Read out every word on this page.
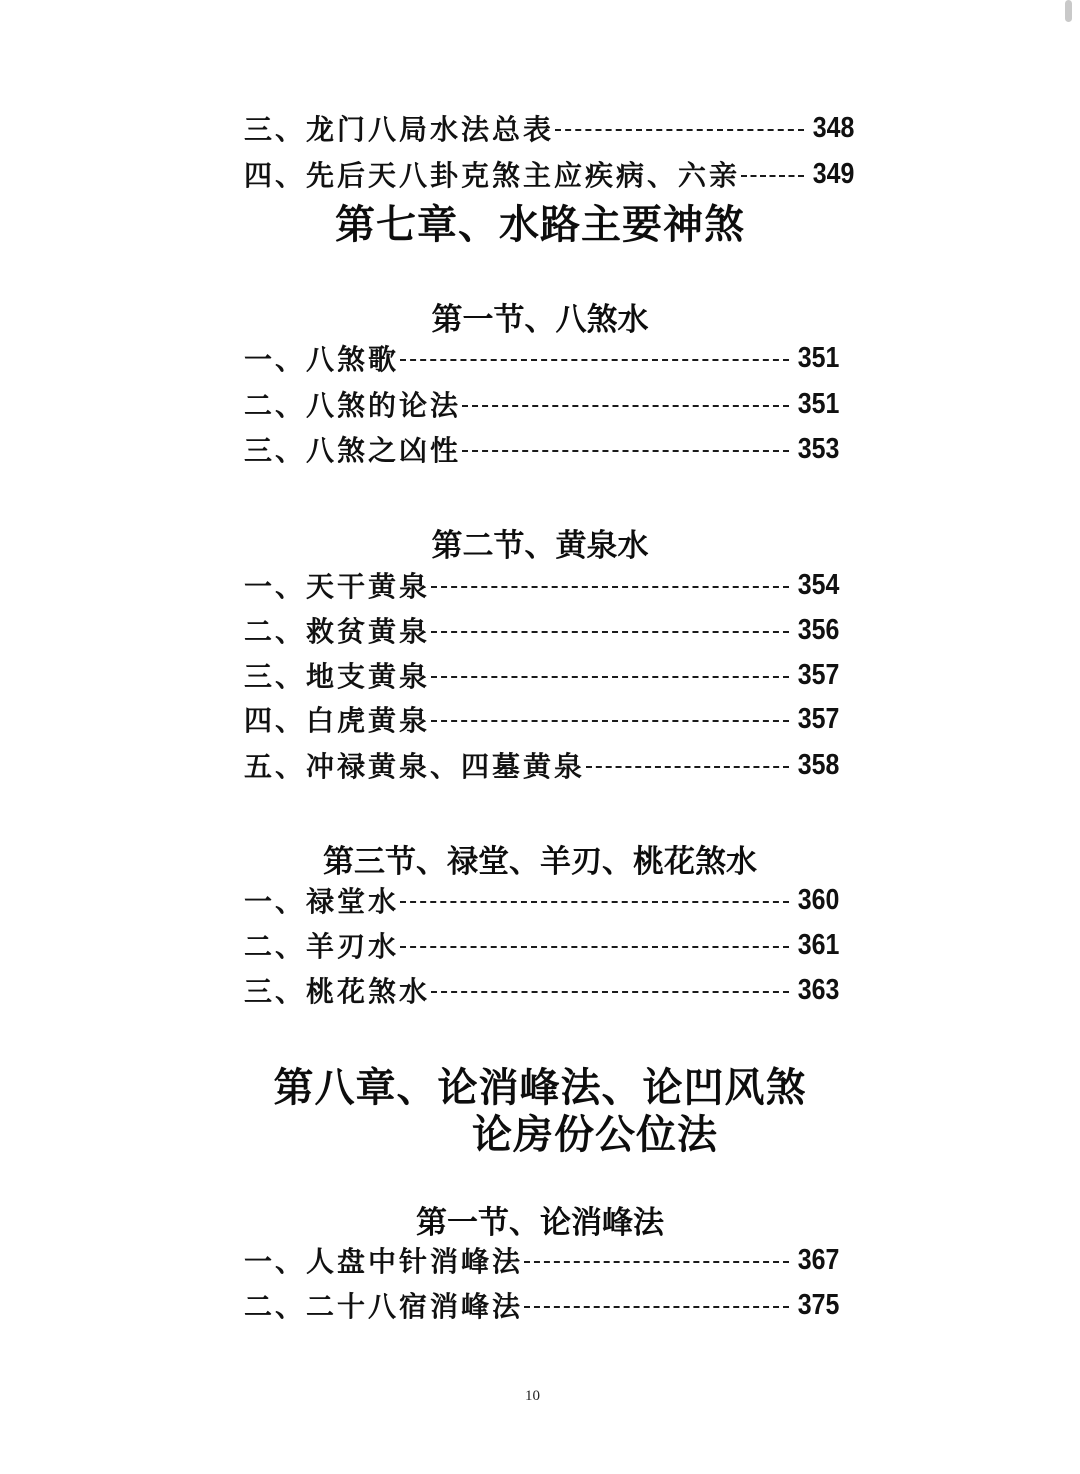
三、龙门八局水法总表	348
四、先后天八卦克煞主应疾病、六亲 349
第七章、水路主要神煞
第一节、八煞水
一、八煞歌	351
二、八煞的论法	351
三、八煞之凶性	353
第二节、黄泉水
一、天干黄泉	354
二、救贫黄泉	356
三、地支黄泉	357
四、白虎黄泉	357
五、冲禄黄泉、四墓黄泉	358
第三节、禄堂、羊刃、桃花煞水
一、禄堂水	360
二、羊刃水	361
三、桃花煞水	363
第八章、论消峰法、论凹风煞
论房份公位法
第一节、论消峰法
一、人盘中针消峰法	367
二、二十八宿消峰法	375
10
